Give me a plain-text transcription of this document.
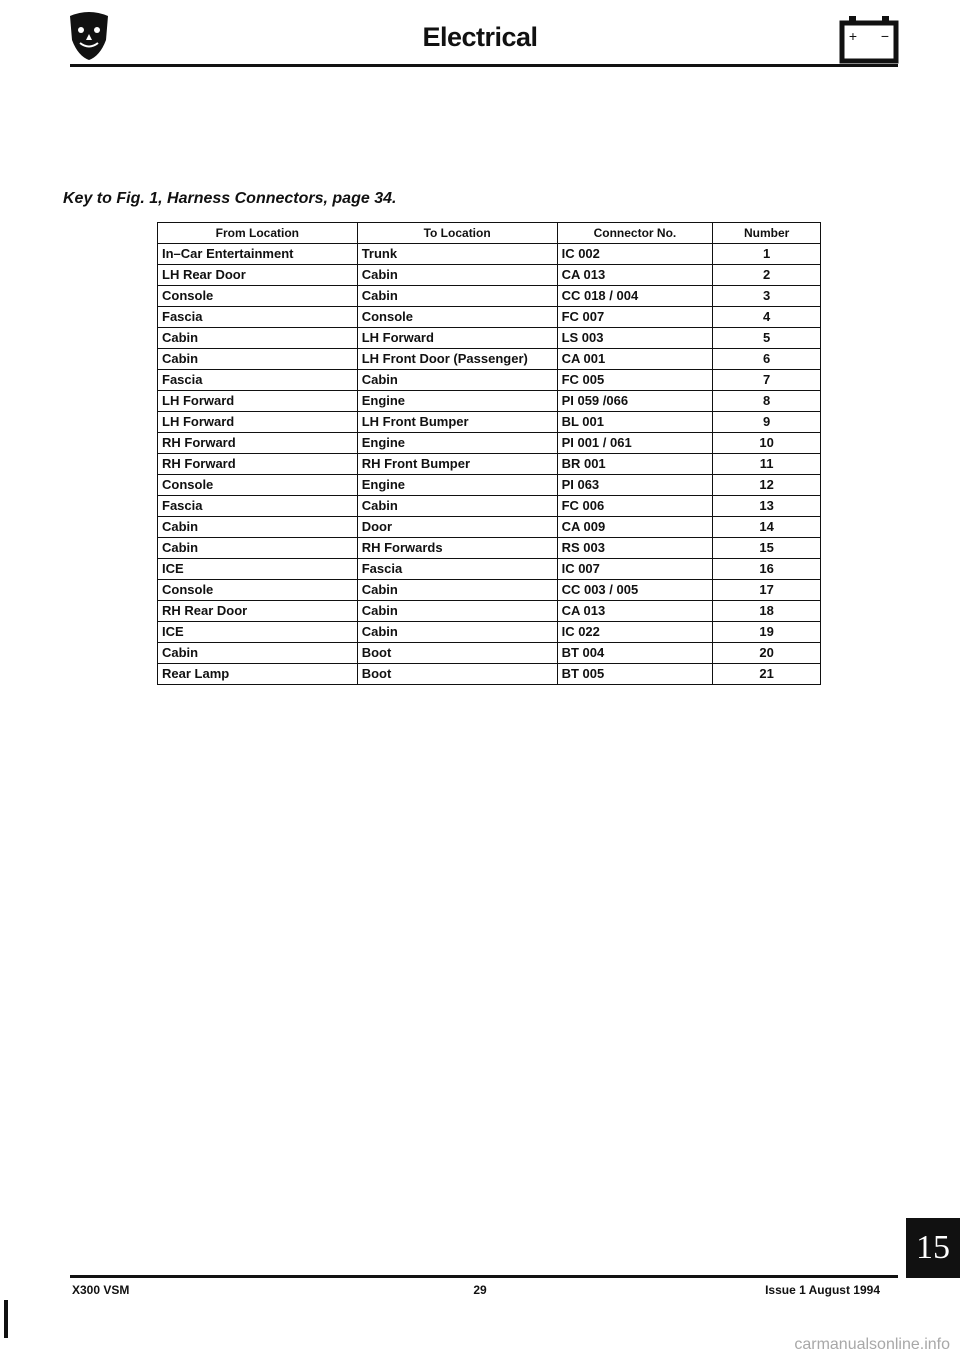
Electrical	+ −
Key to Fig. 1, Harness Connectors, page 34.
From Location	To Location	Connector No.	Number
In–Car Entertainment	Trunk	IC 002	1
LH Rear Door	Cabin	CA 013	2
Console	Cabin	CC 018 / 004	3
Fascia	Console	FC 007	4
Cabin	LH Forward	LS 003	5
Cabin	LH Front Door (Passenger)	CA 001	6
Fascia	Cabin	FC 005	7
LH Forward	Engine	PI 059 /066	8
LH Forward	LH Front Bumper	BL 001	9
RH Forward	Engine	PI 001 / 061	10
RH Forward	RH Front Bumper	BR 001	11
Console	Engine	PI 063	12
Fascia	Cabin	FC 006	13
Cabin	Door	CA 009	14
Cabin	RH Forwards	RS 003	15
ICE	Fascia	IC 007	16
Console	Cabin	CC 003 / 005	17
RH Rear Door	Cabin	CA 013	18
ICE	Cabin	IC 022	19
Cabin	Boot	BT 004	20
Rear Lamp	Boot	BT 005	21
X300 VSM	29	Issue 1 August 1994
15
carmanualsonline.info
